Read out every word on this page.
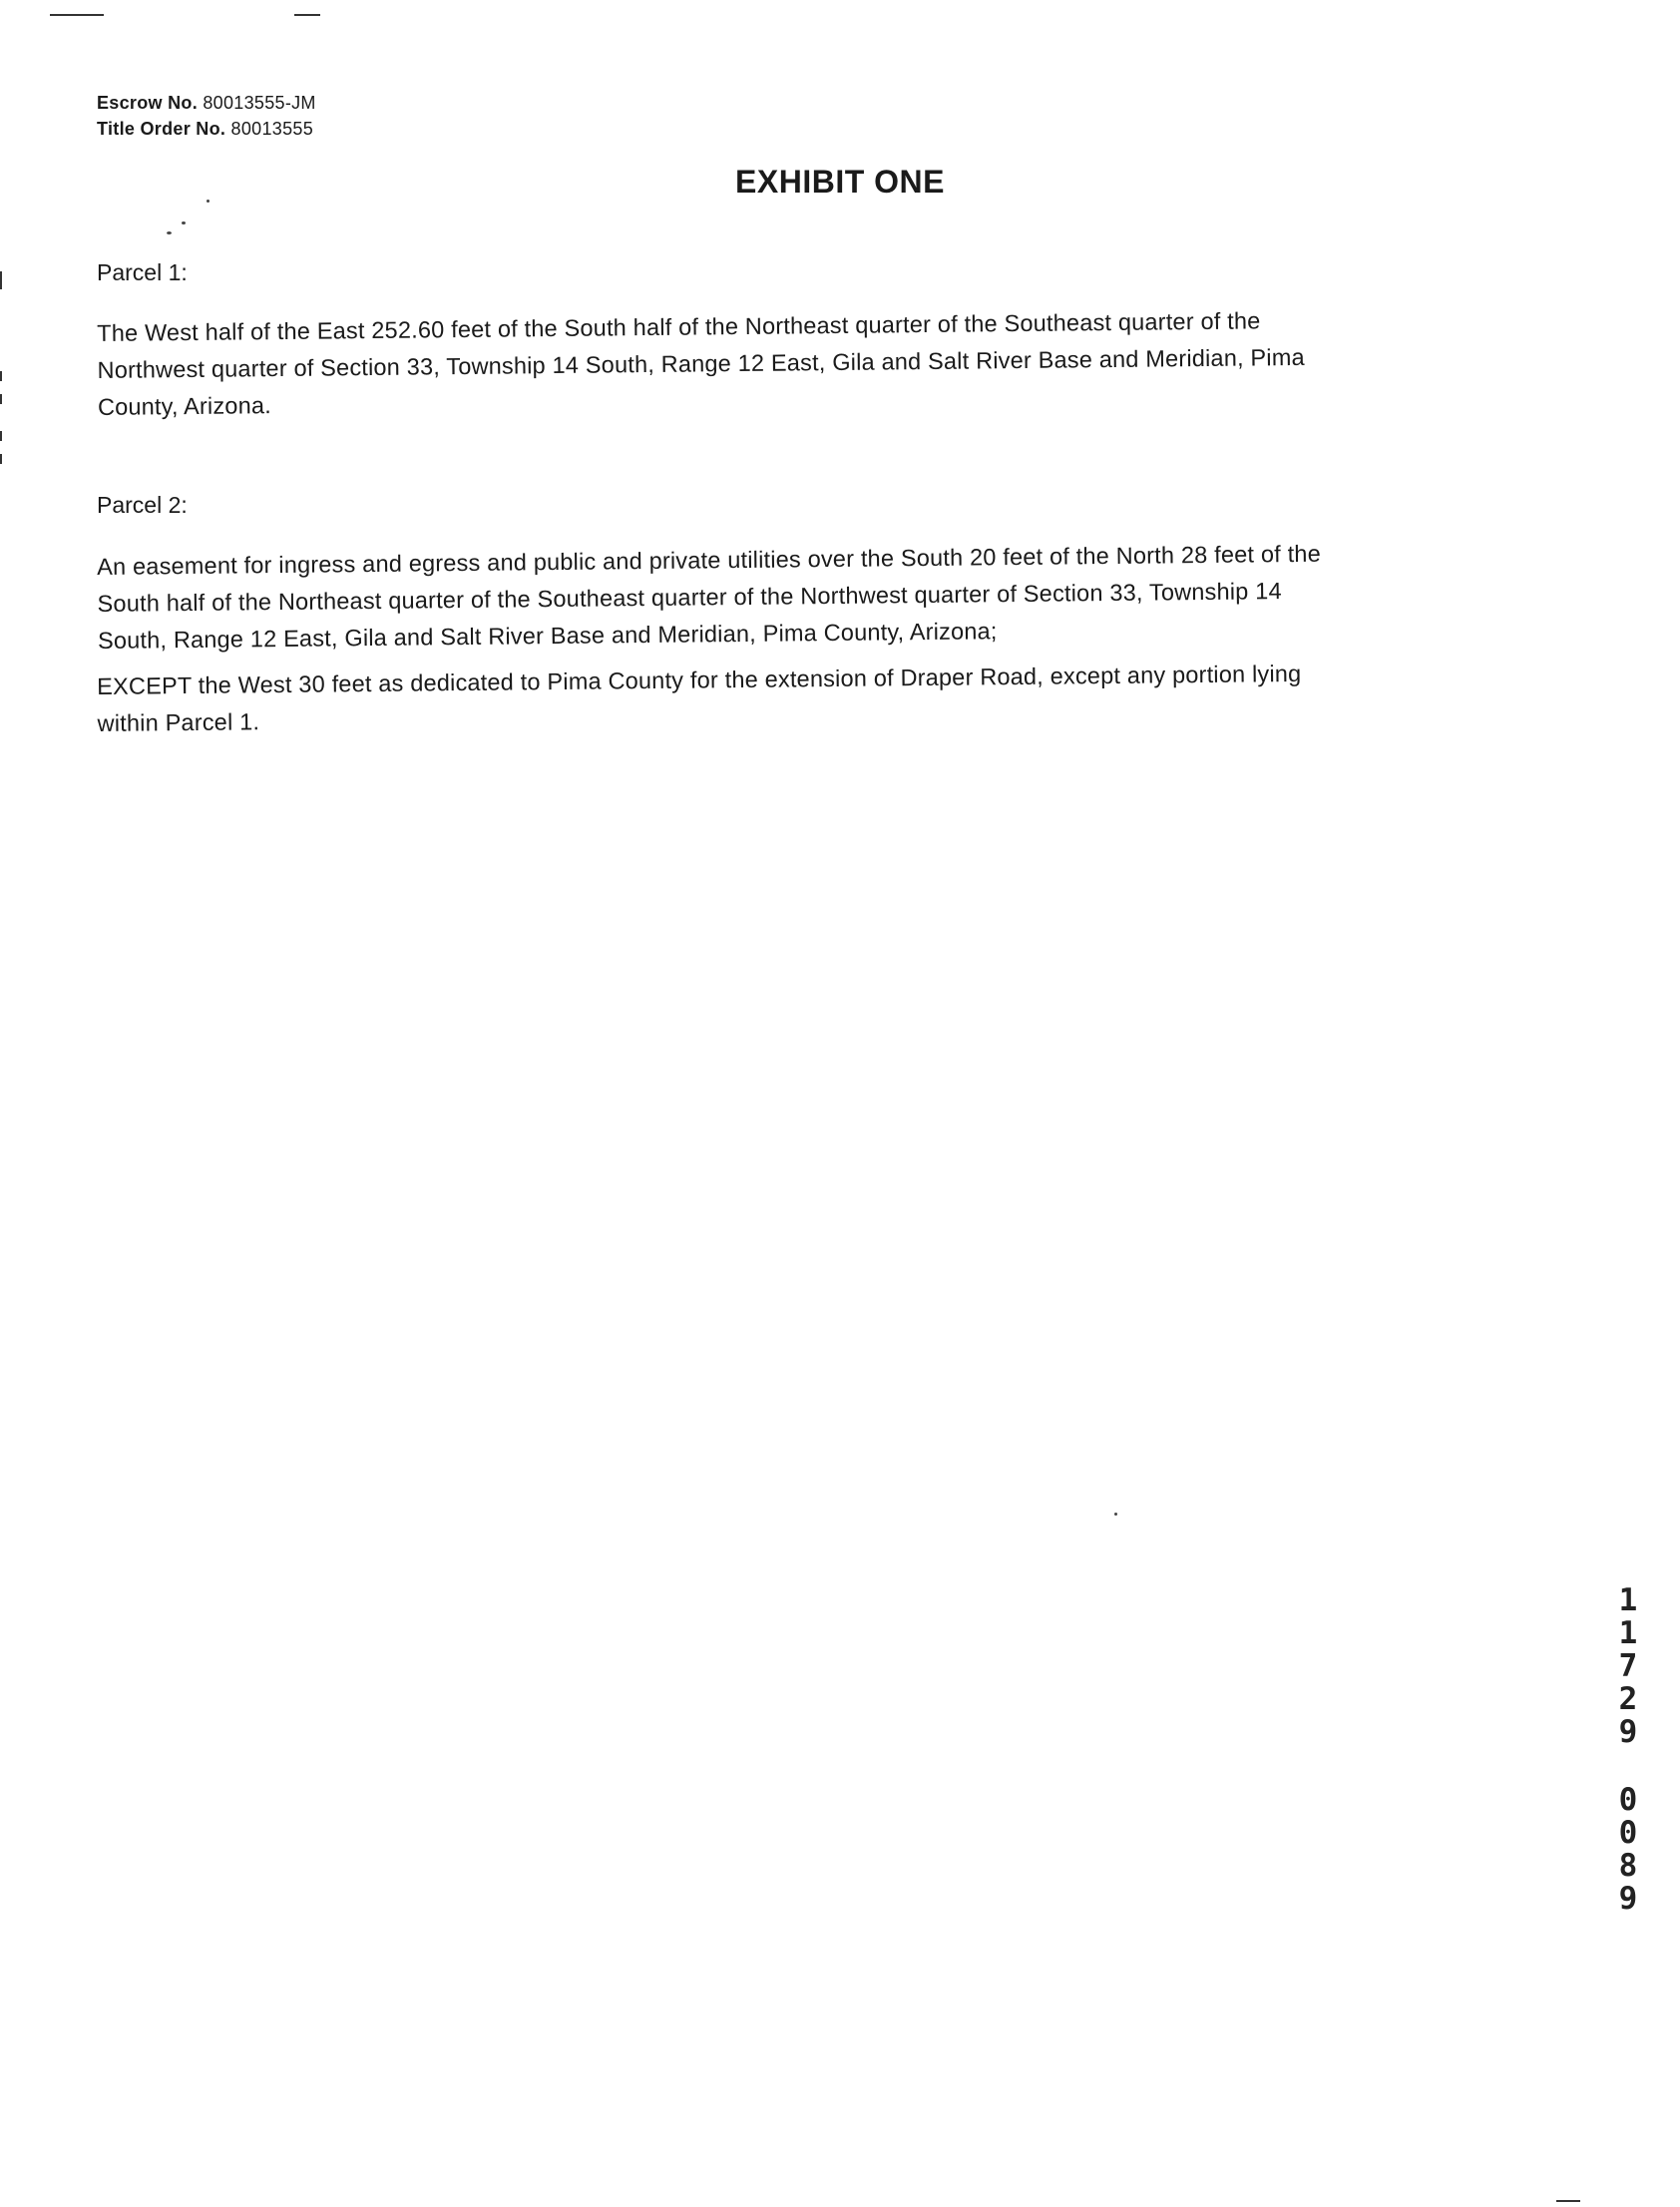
Escrow No. 80013555-JM
Title Order No. 80013555
EXHIBIT ONE
Parcel 1:
The West half of the East 252.60 feet of the South half of the Northeast quarter of the Southeast quarter of the
Northwest quarter of Section 33, Township 14 South, Range 12 East, Gila and Salt River Base and Meridian, Pima
County, Arizona.
Parcel 2:
An easement for ingress and egress and public and private utilities over the South 20 feet of the North 28 feet of the
South half of the Northeast quarter of the Southeast quarter of the Northwest quarter of Section 33, Township 14
South, Range 12 East, Gila and Salt River Base and Meridian, Pima County, Arizona;
EXCEPT the West 30 feet as dedicated to Pima County for the extension of Draper Road, except any portion lying
within Parcel 1.
1
1
7
2
9
0
0
8
9
